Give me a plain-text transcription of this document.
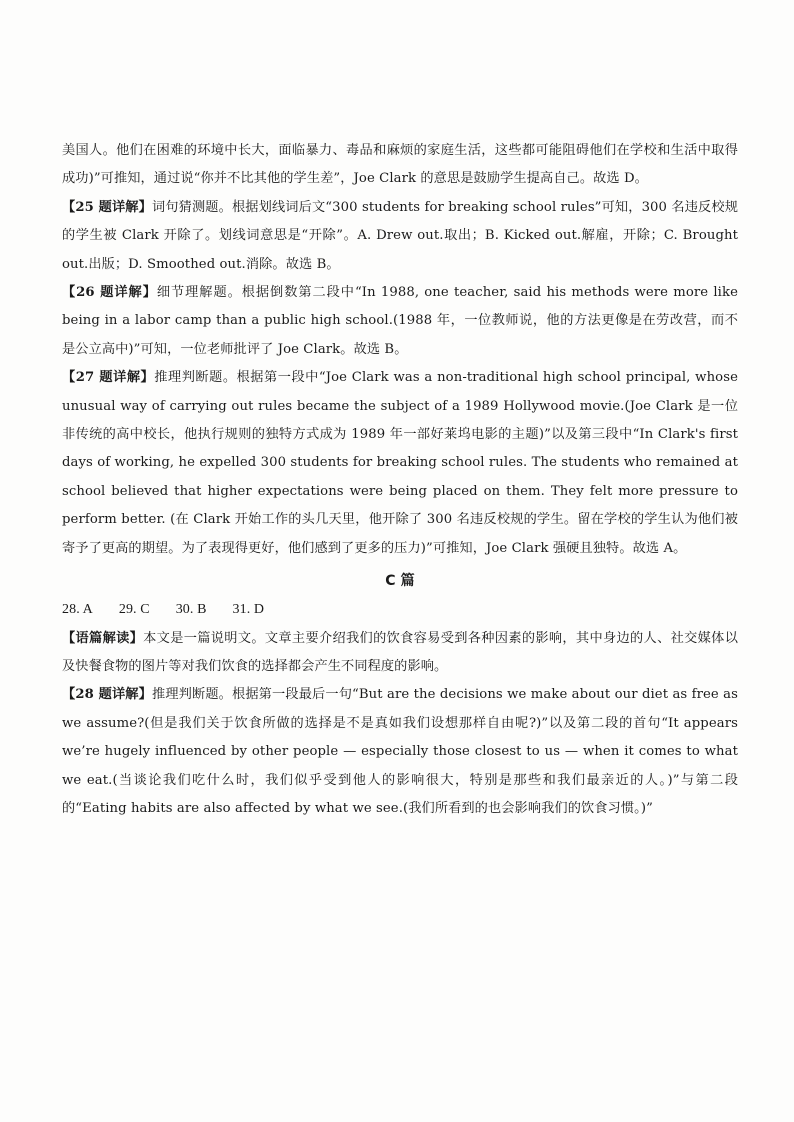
美国人。他们在困难的环境中长大，面临暴力、毒品和麻烦的家庭生活，这些都可能阻碍他们在学校和生活中取得成功)”可推知，通过说“你并不比其他的学生差”，Joe Clark 的意思是鼓励学生提高自己。故选 D。

【25 题详解】词句猜测题。根据划线词后文“300 students for breaking school rules”可知，300 名违反校规的学生被 Clark 开除了。划线词意思是“开除”。A. Drew out.取出；B. Kicked out.解雇，开除；C. Brought out.出版；D. Smoothed out.消除。故选 B。

【26 题详解】细节理解题。根据倒数第二段中“In 1988, one teacher, said his methods were more like being in a labor camp than a public high school.(1988 年，一位教师说，他的方法更像是在劳改营，而不是公立高中)”可知，一位老师批评了 Joe Clark。故选 B。

【27 题详解】推理判断题。根据第一段中“Joe Clark was a non-traditional high school principal, whose unusual way of carrying out rules became the subject of a 1989 Hollywood movie.(Joe Clark 是一位非传统的高中校长，他执行规则的独特方式成为 1989 年一部好莱坞电影的主题)”以及第三段中“In Clark's first days of working, he expelled 300 students for breaking school rules. The students who remained at school believed that higher expectations were being placed on them. They felt more pressure to perform better. (在 Clark 开始工作的头几天里，他开除了 300 名违反校规的学生。留在学校的学生认为他们被寄予了更高的期望。为了表现得更好，他们感到了更多的压力)”可推知，Joe Clark 强硬且独特。故选 A。

C 篇
28. A 29. C 30. B 31. D

【语篇解读】本文是一篇说明文。文章主要介绍我们的饮食容易受到各种因素的影响，其中身边的人、社交媒体以及快餐食物的图片等对我们饮食的选择都会产生不同程度的影响。

【28 题详解】推理判断题。根据第一段最后一句“But are the decisions we make about our diet as free as we assume?(但是我们关于饮食所做的选择是不是真如我们设想那样自由呢?)”以及第二段的首句“It appears we’re hugely influenced by other people — especially those closest to us — when it comes to what we eat.(当谈论我们吃什么时，我们似乎受到他人的影响很大，特别是那些和我们最亲近的人。)”与第二段的“Eating habits are also affected by what we see.(我们所看到的也会影响我们的饮食习惯。)”
